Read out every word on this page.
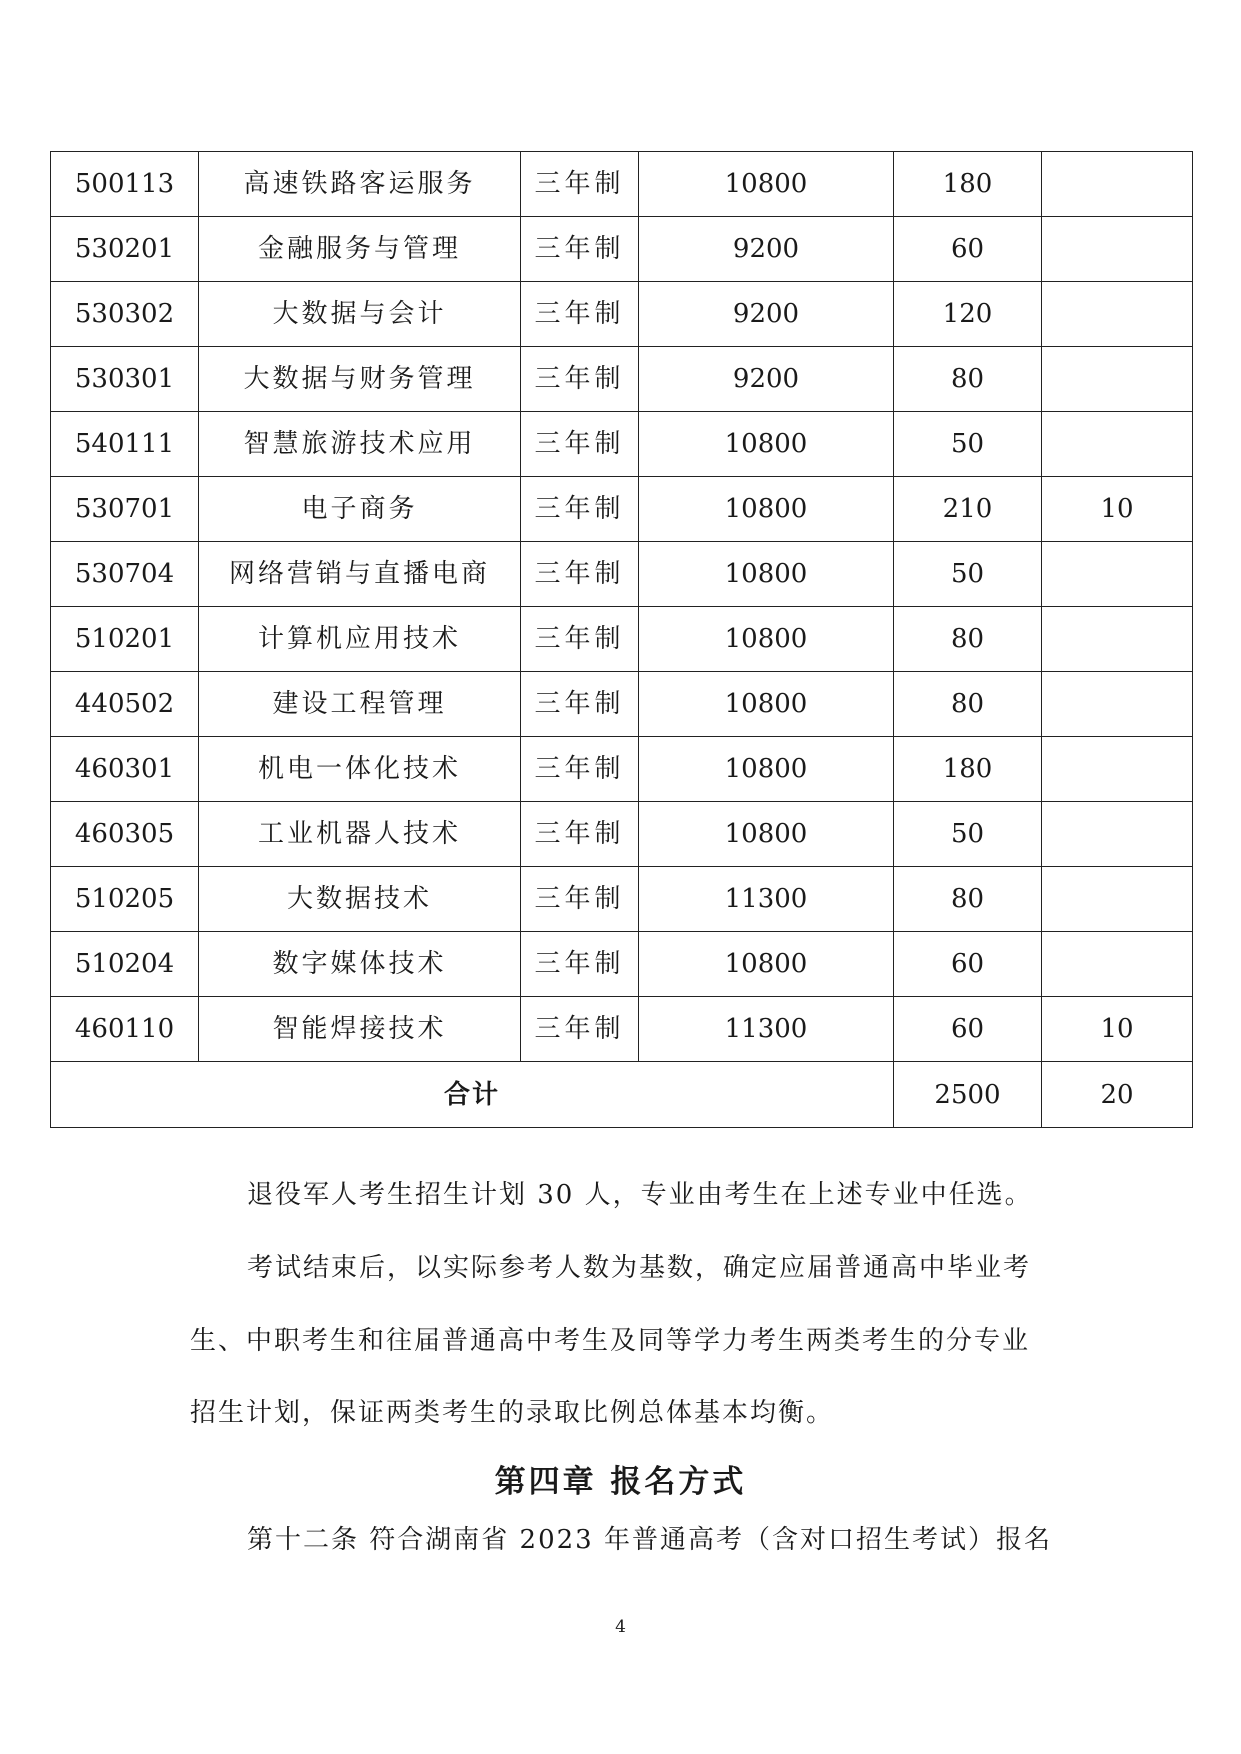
500113	高速铁路客运服务	三年制	10800	180	
530201	金融服务与管理	三年制	9200	60	
530302	大数据与会计	三年制	9200	120	
530301	大数据与财务管理	三年制	9200	80	
540111	智慧旅游技术应用	三年制	10800	50	
530701	电子商务	三年制	10800	210	10
530704	网络营销与直播电商	三年制	10800	50	
510201	计算机应用技术	三年制	10800	80	
440502	建设工程管理	三年制	10800	80	
460301	机电一体化技术	三年制	10800	180	
460305	工业机器人技术	三年制	10800	50	
510205	大数据技术	三年制	11300	80	
510204	数字媒体技术	三年制	10800	60	
460110	智能焊接技术	三年制	11300	60	10
合计				2500	20

退役军人考生招生计划 30 人，专业由考生在上述专业中任选。

考试结束后，以实际参考人数为基数，确定应届普通高中毕业考

生、中职考生和往届普通高中考生及同等学力考生两类考生的分专业

招生计划，保证两类考生的录取比例总体基本均衡。

第四章 报名方式

第十二条 符合湖南省 2023 年普通高考（含对口招生考试）报名

4
